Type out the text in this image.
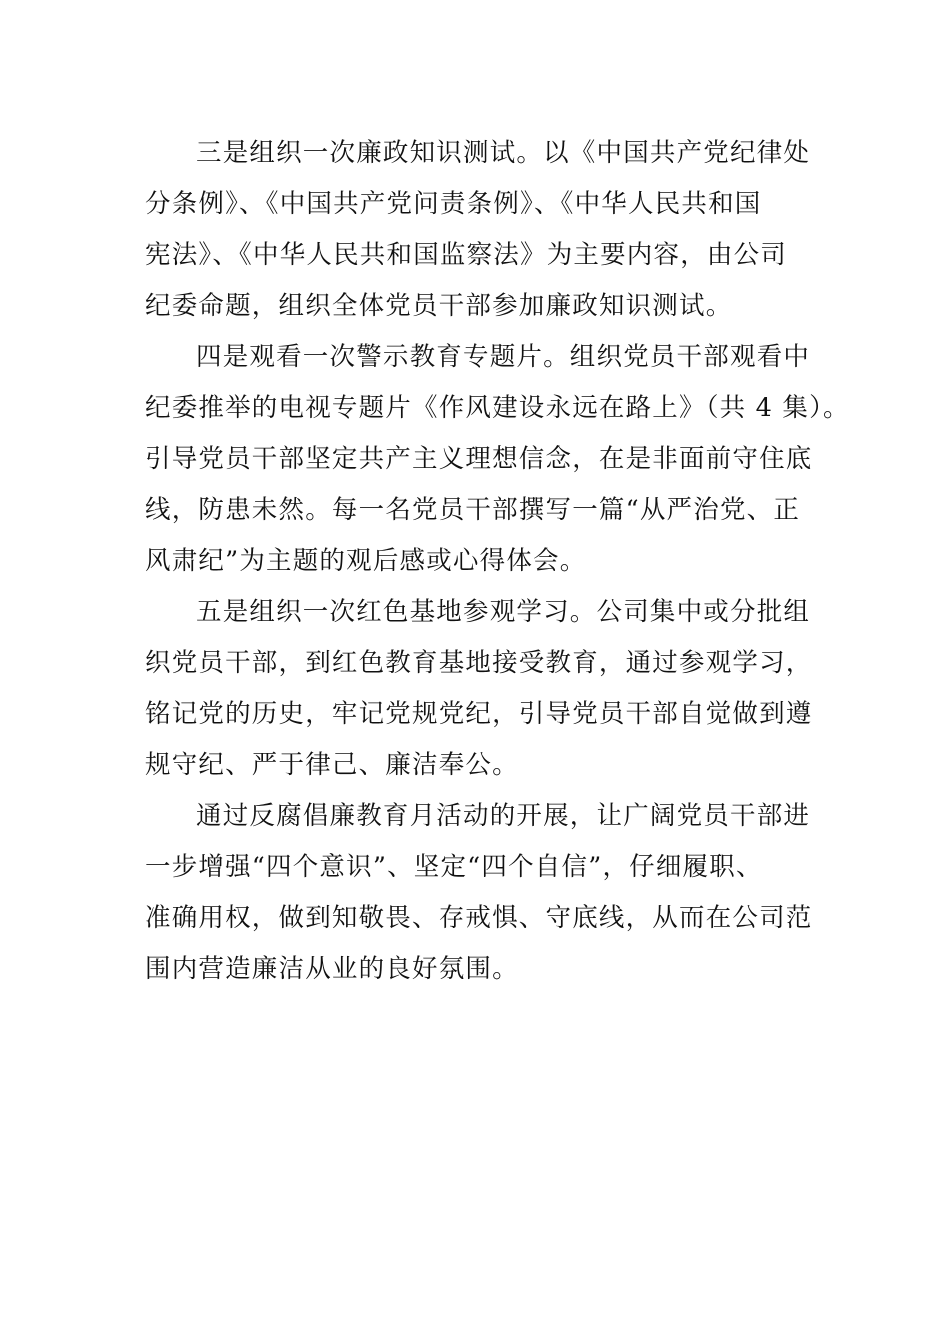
三是组织一次廉政知识测试。以《中国共产党纪律处
分条例》、《中国共产党问责条例》、《中华人民共和国
宪法》、《中华人民共和国监察法》为主要内容，由公司
纪委命题，组织全体党员干部参加廉政知识测试。

四是观看一次警示教育专题片。组织党员干部观看中
纪委推举的电视专题片《作风建设永远在路上》（共 4 集）。
引导党员干部坚定共产主义理想信念，在是非面前守住底
线，防患未然。每一名党员干部撰写一篇“从严治党、正
风肃纪”为主题的观后感或心得体会。

五是组织一次红色基地参观学习。公司集中或分批组
织党员干部，到红色教育基地接受教育，通过参观学习，
铭记党的历史，牢记党规党纪，引导党员干部自觉做到遵
规守纪、严于律己、廉洁奉公。

通过反腐倡廉教育月活动的开展，让广阔党员干部进
一步增强“四个意识”、坚定“四个自信”，仔细履职、
准确用权，做到知敬畏、存戒惧、守底线，从而在公司范
围内营造廉洁从业的良好氛围。
